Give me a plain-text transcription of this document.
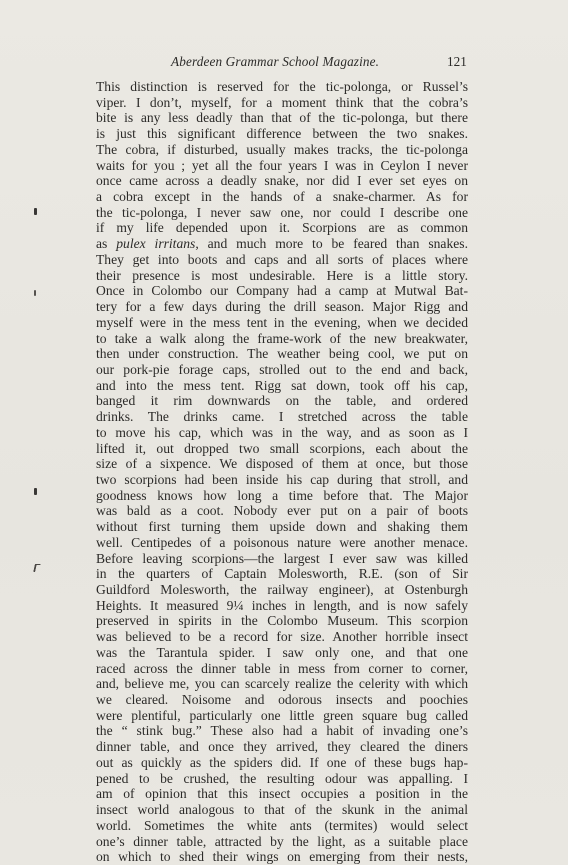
Aberdeen Grammar School Magazine.	121
This distinction is reserved for the tic-polonga, or Russel’s
viper. I don’t, myself, for a moment think that the cobra’s
bite is any less deadly than that of the tic-polonga, but there
is just this significant difference between the two snakes.
The cobra, if disturbed, usually makes tracks, the tic-polonga
waits for you ; yet all the four years I was in Ceylon I never
once came across a deadly snake, nor did I ever set eyes on
a cobra except in the hands of a snake-charmer. As for
the tic-polonga, I never saw one, nor could I describe one
if my life depended upon it. Scorpions are as common
as pulex irritans, and much more to be feared than snakes.
They get into boots and caps and all sorts of places where
their presence is most undesirable. Here is a little story.
Once in Colombo our Company had a camp at Mutwal Bat-
tery for a few days during the drill season. Major Rigg and
myself were in the mess tent in the evening, when we decided
to take a walk along the frame-work of the new breakwater,
then under construction. The weather being cool, we put on
our pork-pie forage caps, strolled out to the end and back,
and into the mess tent. Rigg sat down, took off his cap,
banged it rim downwards on the table, and ordered
drinks. The drinks came. I stretched across the table
to move his cap, which was in the way, and as soon as I
lifted it, out dropped two small scorpions, each about the
size of a sixpence. We disposed of them at once, but those
two scorpions had been inside his cap during that stroll, and
goodness knows how long a time before that. The Major
was bald as a coot. Nobody ever put on a pair of boots
without first turning them upside down and shaking them
well. Centipedes of a poisonous nature were another menace.
Before leaving scorpions—the largest I ever saw was killed
in the quarters of Captain Molesworth, R.E. (son of Sir
Guildford Molesworth, the railway engineer), at Ostenburgh
Heights. It measured 9¼ inches in length, and is now safely
preserved in spirits in the Colombo Museum. This scorpion
was believed to be a record for size. Another horrible insect
was the Tarantula spider. I saw only one, and that one
raced across the dinner table in mess from corner to corner,
and, believe me, you can scarcely realize the celerity with which
we cleared. Noisome and odorous insects and poochies
were plentiful, particularly one little green square bug called
the “ stink bug.” These also had a habit of invading one’s
dinner table, and once they arrived, they cleared the diners
out as quickly as the spiders did. If one of these bugs hap-
pened to be crushed, the resulting odour was appalling. I
am of opinion that this insect occupies a position in the
insect world analogous to that of the skunk in the animal
world. Sometimes the white ants (termites) would select
one’s dinner table, attracted by the light, as a suitable place
on which to shed their wings on emerging from their nests,
